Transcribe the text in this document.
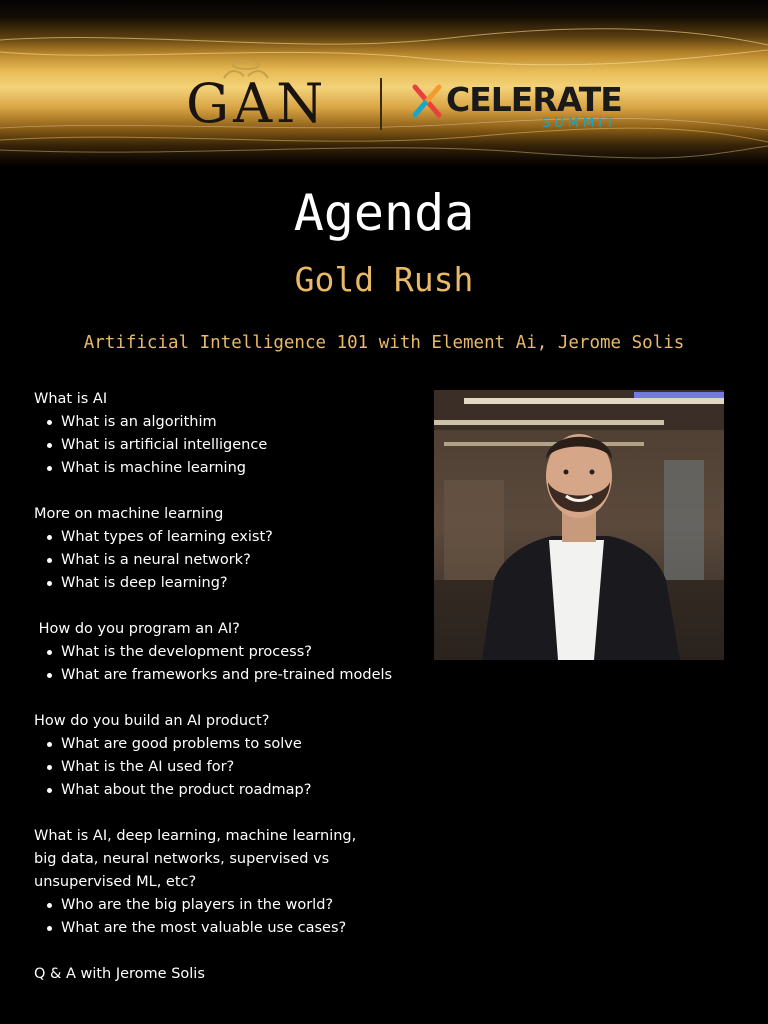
GAN	CELERATE
SUMMIT
Agenda
Gold Rush
Artificial Intelligence 101 with Element Ai, Jerome Solis
What is AI
What is an algorithim
What is artificial intelligence
What is machine learning
More on machine learning
What types of learning exist?
What is a neural network?
What is deep learning?
How do you program an AI?
What is the development process?
What are frameworks and pre-trained models
How do you build an AI product?
What are good problems to solve
What is the AI used for?
What about the product roadmap?
What is AI, deep learning, machine learning, big data, neural networks, supervised vs unsupervised ML, etc?
Who are the big players in the world?
What are the most valuable use cases?
Q & A with Jerome Solis
